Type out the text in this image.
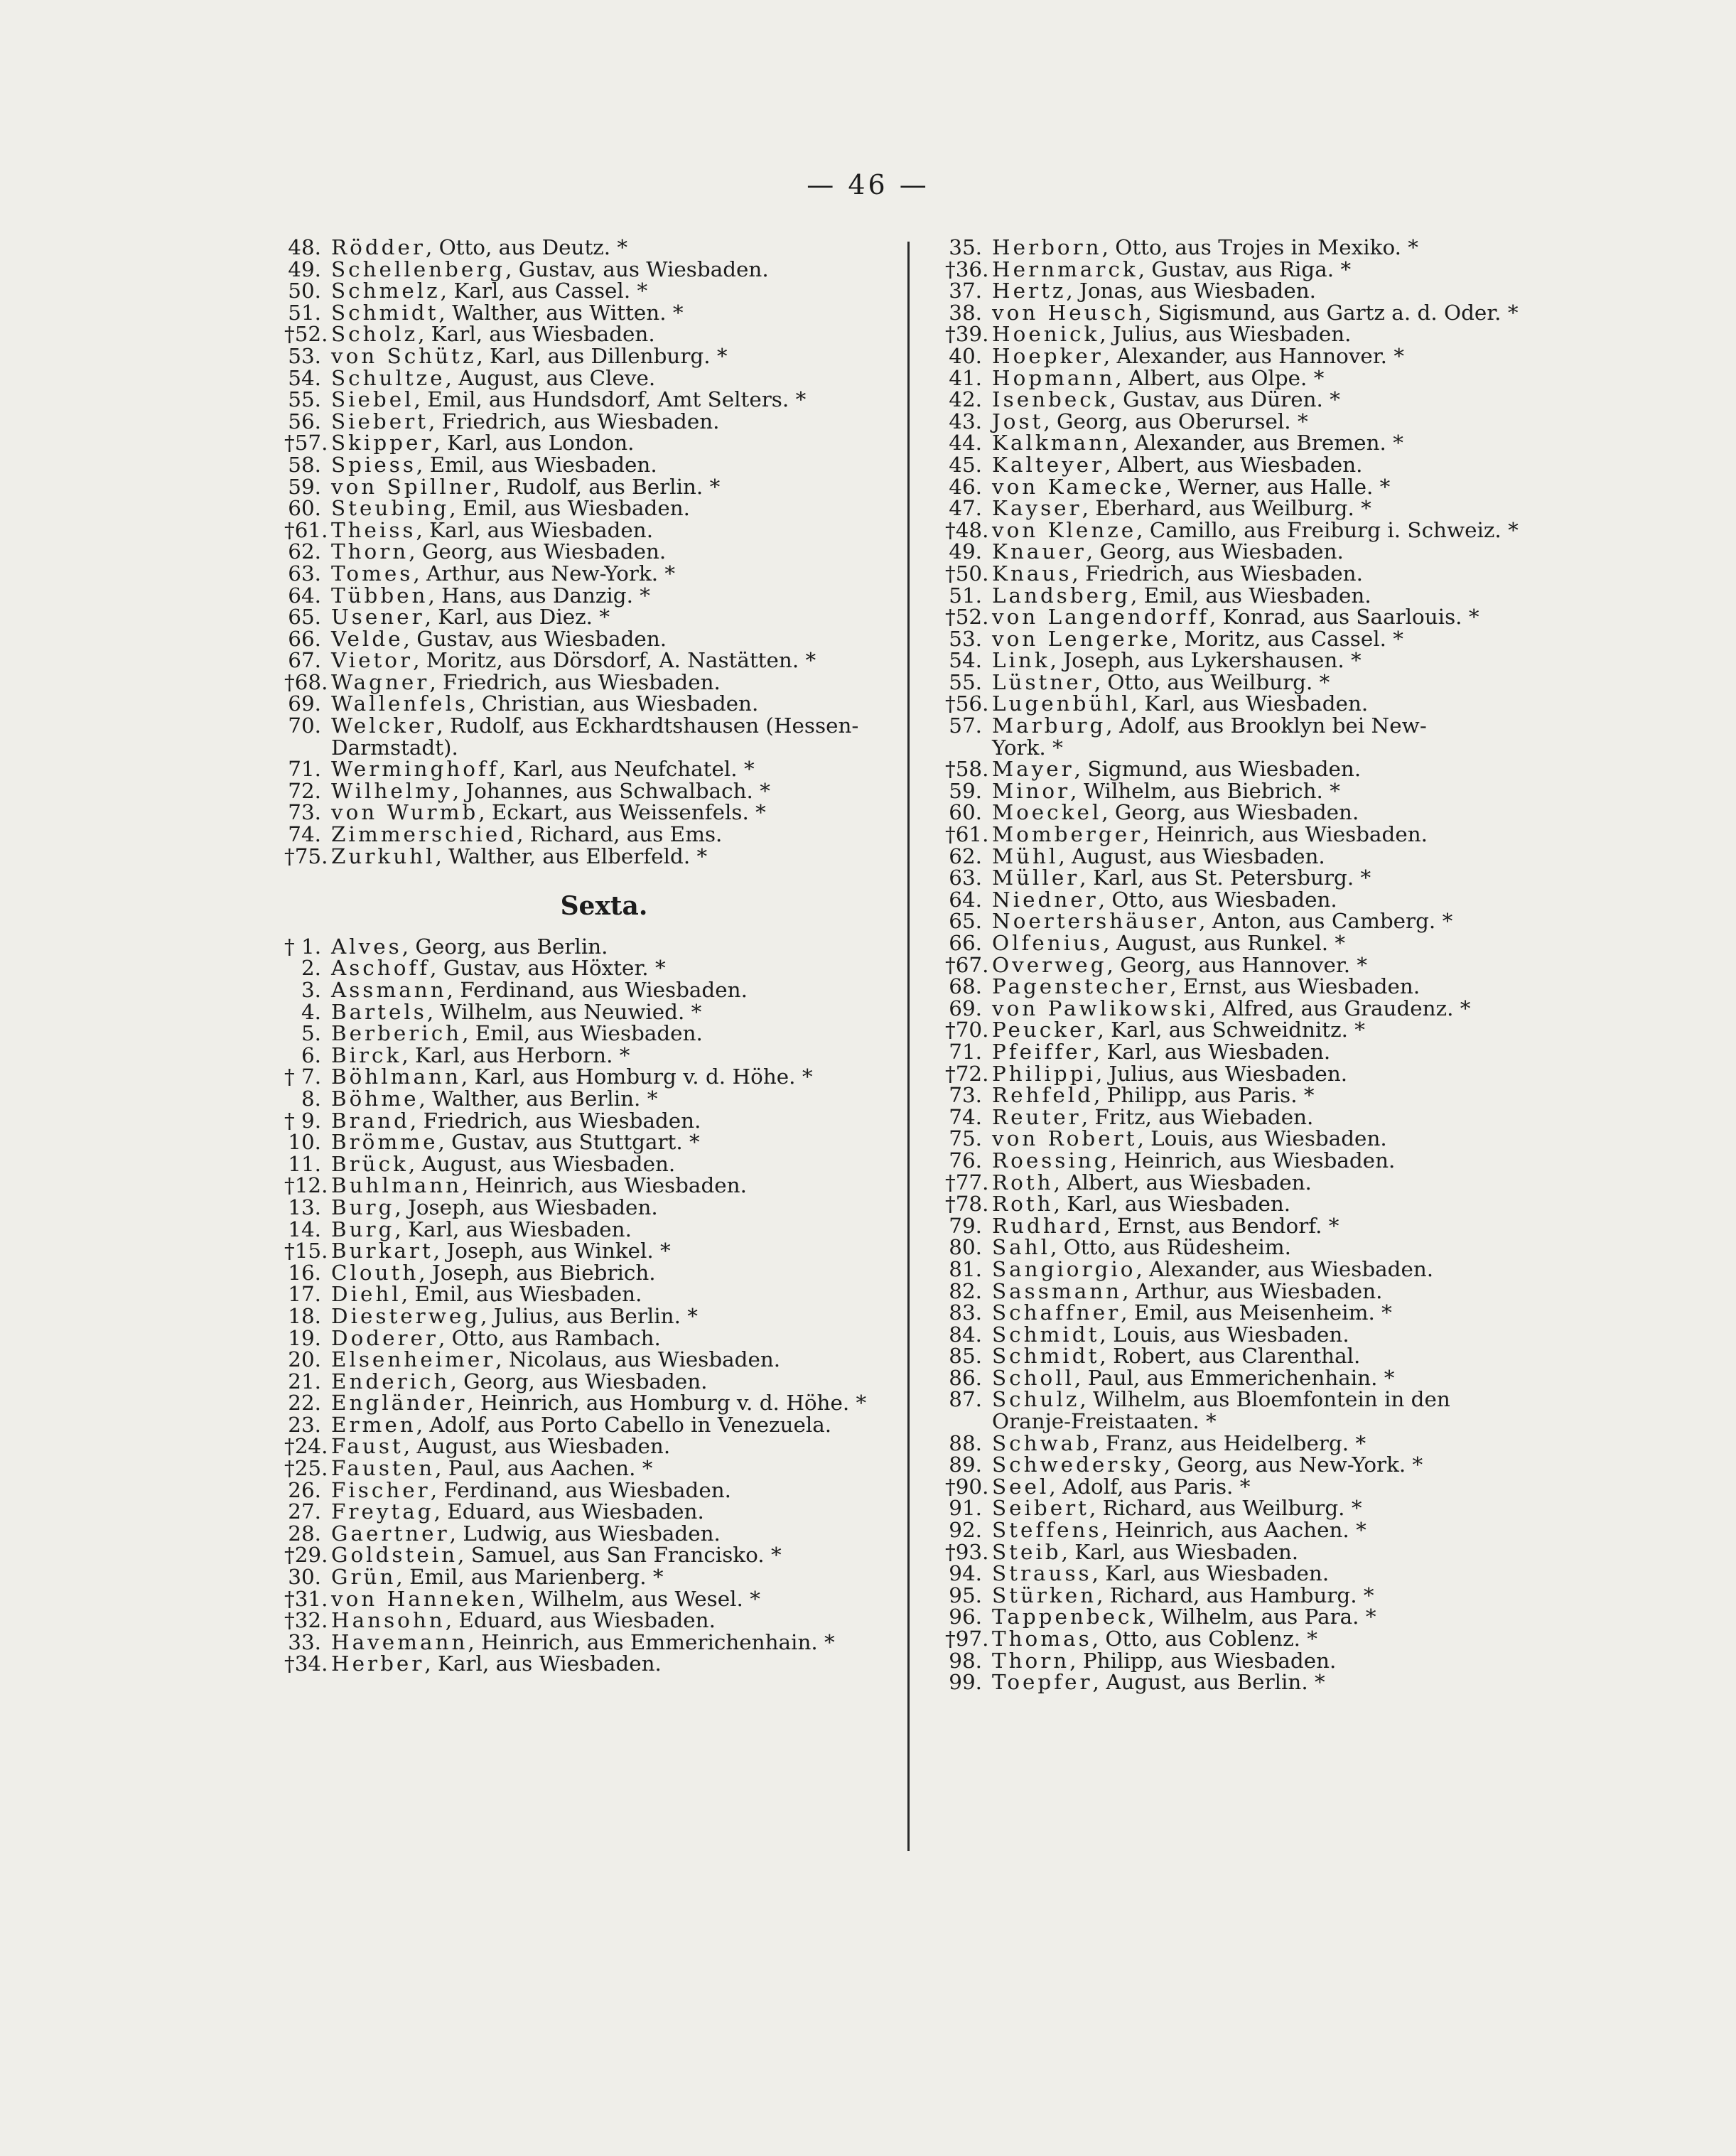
— 46 —
48. Rödder, Otto, aus Deutz. *
49. Schellenberg, Gustav, aus Wiesbaden.
50. Schmelz, Karl, aus Cassel. *
51. Schmidt, Walther, aus Witten. *
†52. Scholz, Karl, aus Wiesbaden.
53. von Schütz, Karl, aus Dillenburg. *
54. Schultze, August, aus Cleve.
55. Siebel, Emil, aus Hundsdorf, Amt Selters. *
56. Siebert, Friedrich, aus Wiesbaden.
†57. Skipper, Karl, aus London.
58. Spiess, Emil, aus Wiesbaden.
59. von Spillner, Rudolf, aus Berlin. *
60. Steubing, Emil, aus Wiesbaden.
†61. Theiss, Karl, aus Wiesbaden.
62. Thorn, Georg, aus Wiesbaden.
63. Tomes, Arthur, aus New-York. *
64. Tübben, Hans, aus Danzig. *
65. Usener, Karl, aus Diez. *
66. Velde, Gustav, aus Wiesbaden.
67. Vietor, Moritz, aus Dörsdorf, A. Nastätten. *
†68. Wagner, Friedrich, aus Wiesbaden.
69. Wallenfels, Christian, aus Wiesbaden.
70. Welcker, Rudolf, aus Eckhardtshausen (Hessen-
Darmstadt).
71. Werminghoff, Karl, aus Neufchatel. *
72. Wilhelmy, Johannes, aus Schwalbach. *
73. von Wurmb, Eckart, aus Weissenfels. *
74. Zimmerschied, Richard, aus Ems.
†75. Zurkuhl, Walther, aus Elberfeld. *
Sexta.
† 1. Alves, Georg, aus Berlin.
2. Aschoff, Gustav, aus Höxter. *
3. Assmann, Ferdinand, aus Wiesbaden.
4. Bartels, Wilhelm, aus Neuwied. *
5. Berberich, Emil, aus Wiesbaden.
6. Birck, Karl, aus Herborn. *
† 7. Böhlmann, Karl, aus Homburg v. d. Höhe. *
8. Böhme, Walther, aus Berlin. *
† 9. Brand, Friedrich, aus Wiesbaden.
10. Brömme, Gustav, aus Stuttgart. *
11. Brück, August, aus Wiesbaden.
†12. Buhlmann, Heinrich, aus Wiesbaden.
13. Burg, Joseph, aus Wiesbaden.
14. Burg, Karl, aus Wiesbaden.
†15. Burkart, Joseph, aus Winkel. *
16. Clouth, Joseph, aus Biebrich.
17. Diehl, Emil, aus Wiesbaden.
18. Diesterweg, Julius, aus Berlin. *
19. Doderer, Otto, aus Rambach.
20. Elsenheimer, Nicolaus, aus Wiesbaden.
21. Enderich, Georg, aus Wiesbaden.
22. Engländer, Heinrich, aus Homburg v. d. Höhe. *
23. Ermen, Adolf, aus Porto Cabello in Venezuela.
†24. Faust, August, aus Wiesbaden.
†25. Fausten, Paul, aus Aachen. *
26. Fischer, Ferdinand, aus Wiesbaden.
27. Freytag, Eduard, aus Wiesbaden.
28. Gaertner, Ludwig, aus Wiesbaden.
†29. Goldstein, Samuel, aus San Francisko. *
30. Grün, Emil, aus Marienberg. *
†31. von Hanneken, Wilhelm, aus Wesel. *
†32. Hansohn, Eduard, aus Wiesbaden.
33. Havemann, Heinrich, aus Emmerichenhain. *
†34. Herber, Karl, aus Wiesbaden.
35. Herborn, Otto, aus Trojes in Mexiko. *
†36. Hernmarck, Gustav, aus Riga. *
37. Hertz, Jonas, aus Wiesbaden.
38. von Heusch, Sigismund, aus Gartz a. d. Oder. *
†39. Hoenick, Julius, aus Wiesbaden.
40. Hoepker, Alexander, aus Hannover. *
41. Hopmann, Albert, aus Olpe. *
42. Isenbeck, Gustav, aus Düren. *
43. Jost, Georg, aus Oberursel. *
44. Kalkmann, Alexander, aus Bremen. *
45. Kalteyer, Albert, aus Wiesbaden.
46. von Kamecke, Werner, aus Halle. *
47. Kayser, Eberhard, aus Weilburg. *
†48. von Klenze, Camillo, aus Freiburg i. Schweiz. *
49. Knauer, Georg, aus Wiesbaden.
†50. Knaus, Friedrich, aus Wiesbaden.
51. Landsberg, Emil, aus Wiesbaden.
†52. von Langendorff, Konrad, aus Saarlouis. *
53. von Lengerke, Moritz, aus Cassel. *
54. Link, Joseph, aus Lykershausen. *
55. Lüstner, Otto, aus Weilburg. *
†56. Lugenbühl, Karl, aus Wiesbaden.
57. Marburg, Adolf, aus Brooklyn bei New-
York. *
†58. Mayer, Sigmund, aus Wiesbaden.
59. Minor, Wilhelm, aus Biebrich. *
60. Moeckel, Georg, aus Wiesbaden.
†61. Momberger, Heinrich, aus Wiesbaden.
62. Mühl, August, aus Wiesbaden.
63. Müller, Karl, aus St. Petersburg. *
64. Niedner, Otto, aus Wiesbaden.
65. Noertershäuser, Anton, aus Camberg. *
66. Olfenius, August, aus Runkel. *
†67. Overweg, Georg, aus Hannover. *
68. Pagenstecher, Ernst, aus Wiesbaden.
69. von Pawlikowski, Alfred, aus Graudenz. *
†70. Peucker, Karl, aus Schweidnitz. *
71. Pfeiffer, Karl, aus Wiesbaden.
†72. Philippi, Julius, aus Wiesbaden.
73. Rehfeld, Philipp, aus Paris. *
74. Reuter, Fritz, aus Wiebaden.
75. von Robert, Louis, aus Wiesbaden.
76. Roessing, Heinrich, aus Wiesbaden.
†77. Roth, Albert, aus Wiesbaden.
†78. Roth, Karl, aus Wiesbaden.
79. Rudhard, Ernst, aus Bendorf. *
80. Sahl, Otto, aus Rüdesheim.
81. Sangiorgio, Alexander, aus Wiesbaden.
82. Sassmann, Arthur, aus Wiesbaden.
83. Schaffner, Emil, aus Meisenheim. *
84. Schmidt, Louis, aus Wiesbaden.
85. Schmidt, Robert, aus Clarenthal.
86. Scholl, Paul, aus Emmerichenhain. *
87. Schulz, Wilhelm, aus Bloemfontein in den
Oranje-Freistaaten. *
88. Schwab, Franz, aus Heidelberg. *
89. Schwedersky, Georg, aus New-York. *
†90. Seel, Adolf, aus Paris. *
91. Seibert, Richard, aus Weilburg. *
92. Steffens, Heinrich, aus Aachen. *
†93. Steib, Karl, aus Wiesbaden.
94. Strauss, Karl, aus Wiesbaden.
95. Stürken, Richard, aus Hamburg. *
96. Tappenbeck, Wilhelm, aus Para. *
†97. Thomas, Otto, aus Coblenz. *
98. Thorn, Philipp, aus Wiesbaden.
99. Toepfer, August, aus Berlin. *
